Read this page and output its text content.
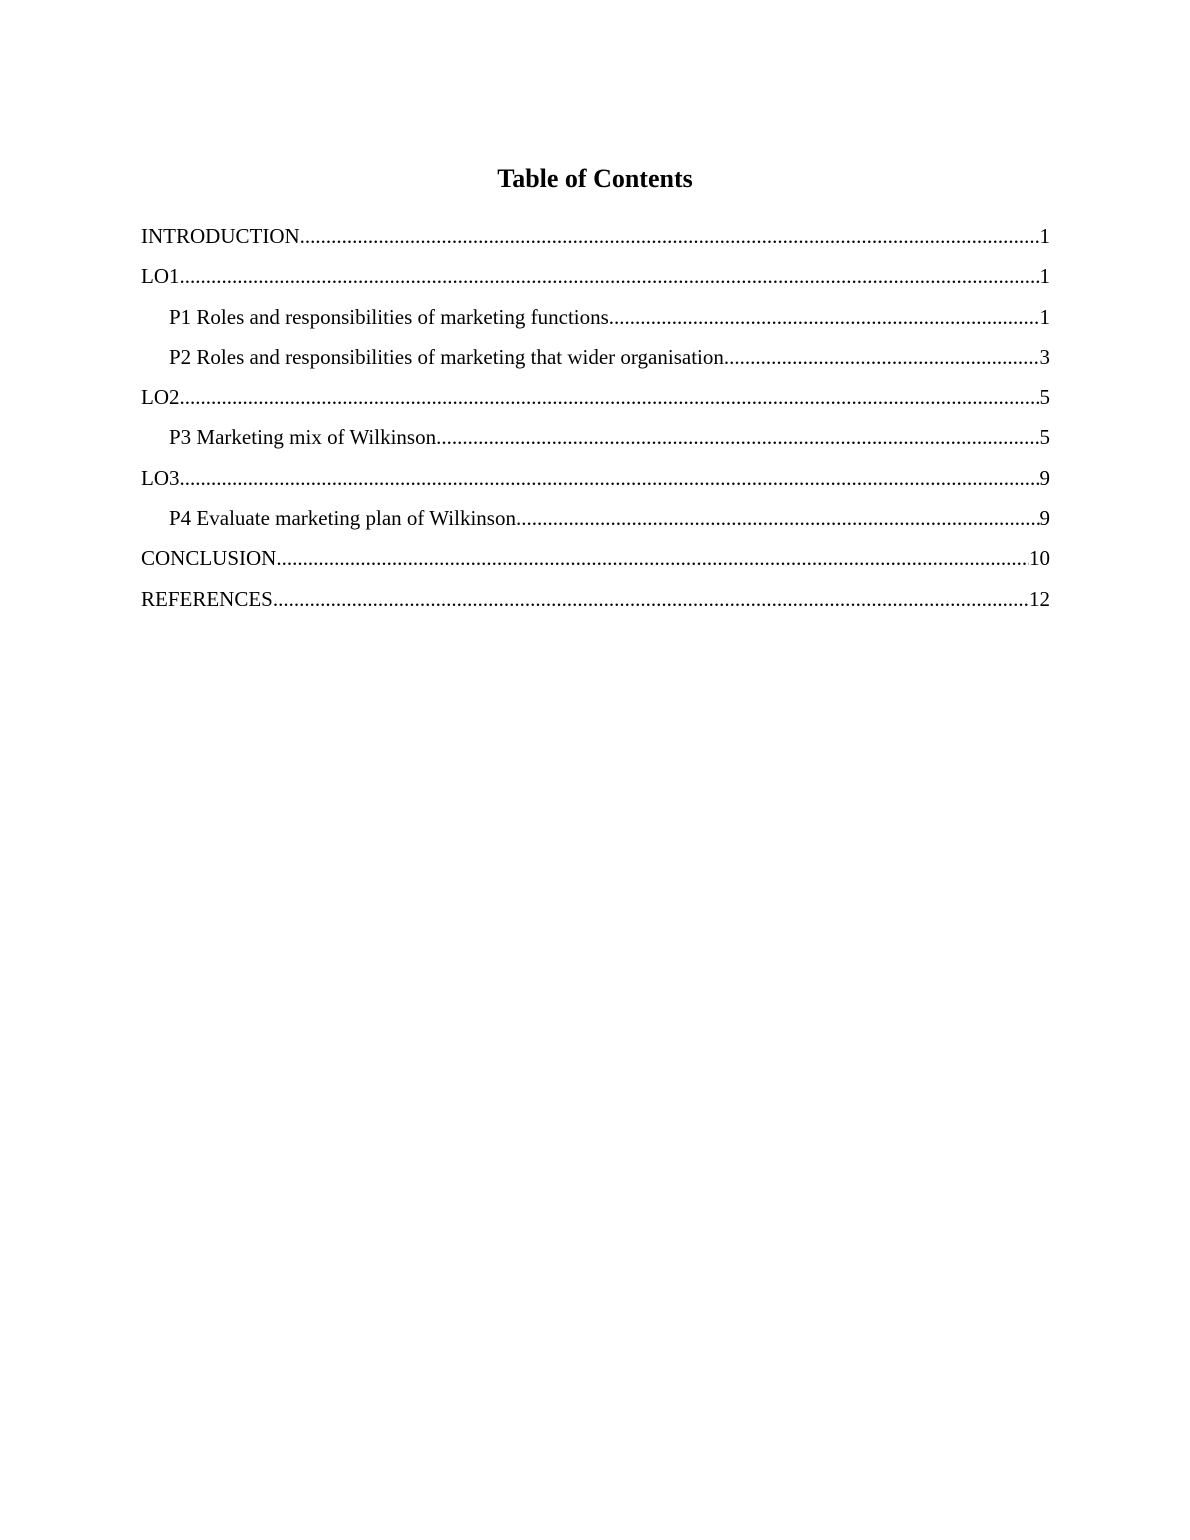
Table of Contents
INTRODUCTION .....	1
LO1 .....	1
P1 Roles and responsibilities of marketing functions .....	1
P2 Roles and responsibilities of marketing that wider organisation .....	3
LO2 .....	5
P3 Marketing mix of Wilkinson .....	5
LO3 .....	9
P4 Evaluate marketing plan of Wilkinson .....	9
CONCLUSION .....	10
REFERENCES .....	12
